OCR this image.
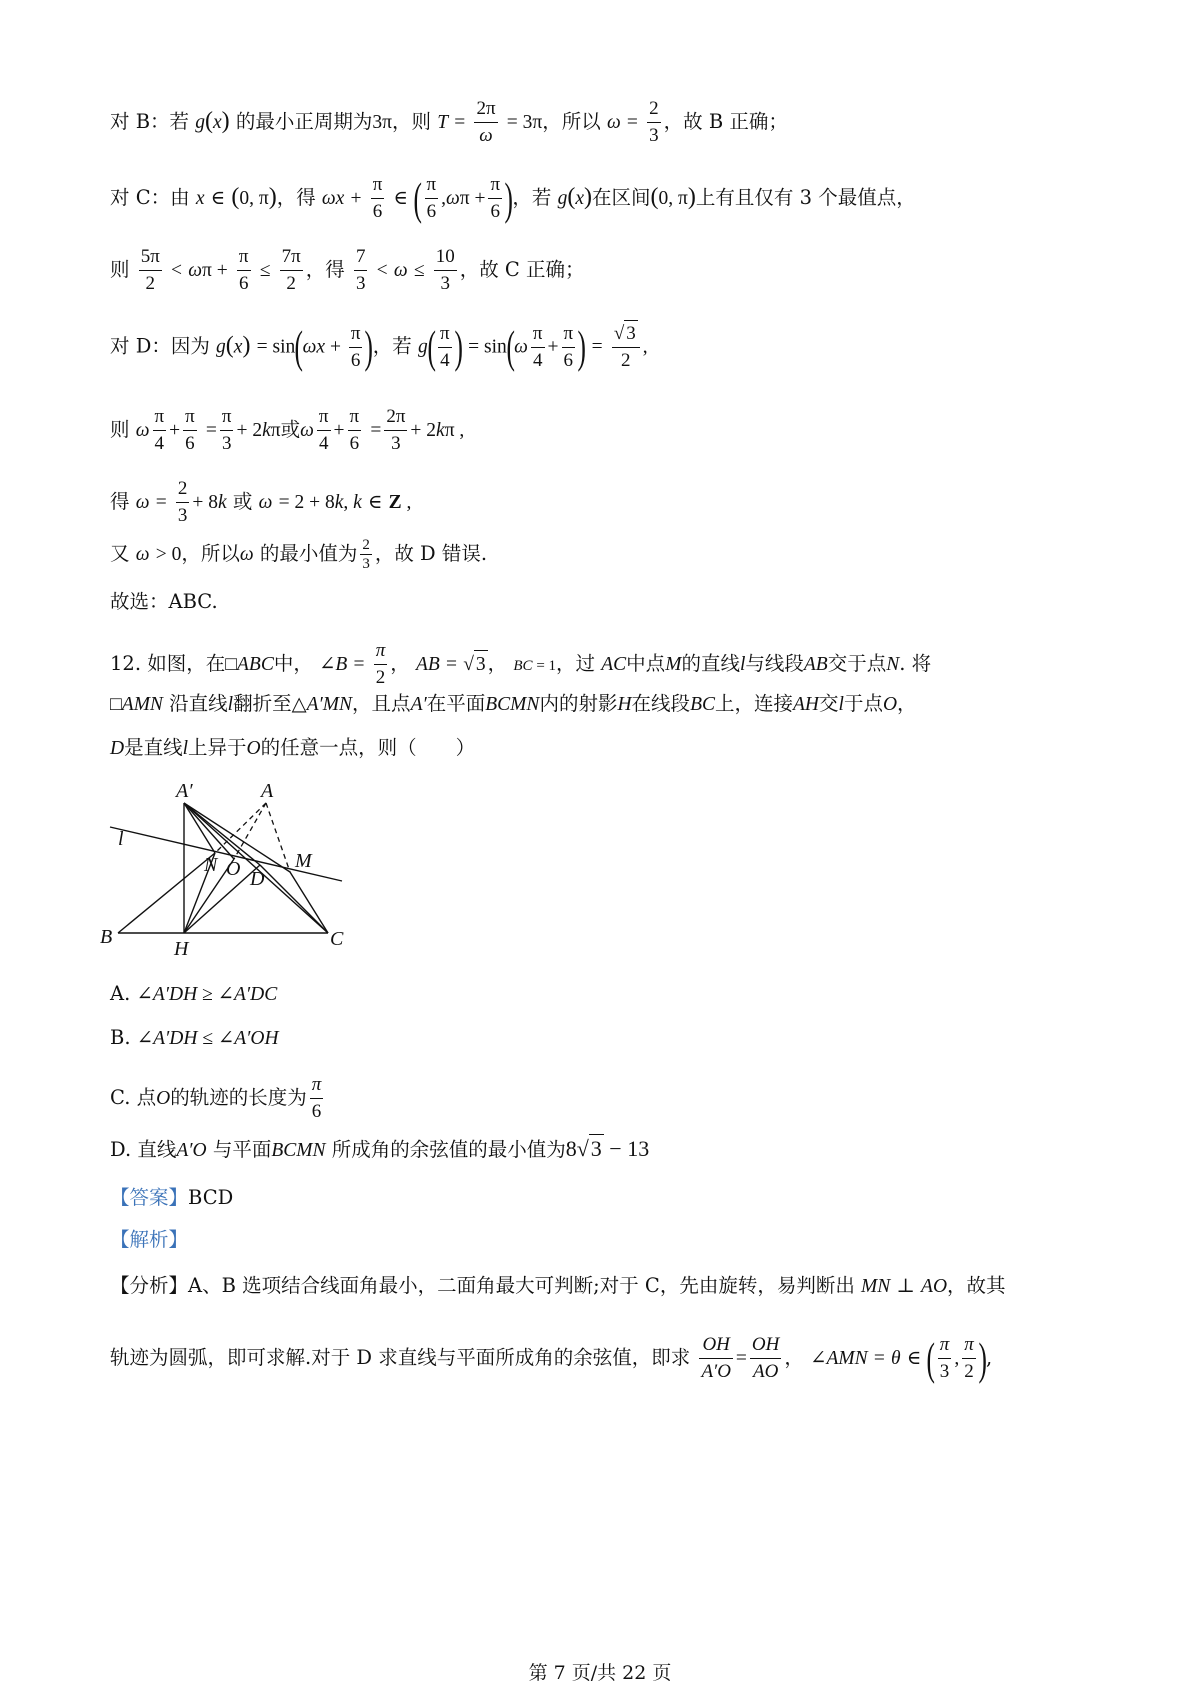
对 B：若 g(x) 的最小正周期为3π，则 $T = \frac{2\pi}{\omega} = 3\pi$，所以 $\omega = \frac{2}{3}$ ，故 B 正确；
对 C：由 x ∈ (0, π)，得 $\omega x + \frac{\pi}{6}$ ∈ ( $\frac{\pi}{6} ,\omega\pi + \frac{\pi}{6}$ )，若 g(x)在区间(0, π)上有且仅有 3 个最值点，
则 $\frac{5\pi}{2} < \omega\pi + \frac{\pi}{6} \le \frac{7\pi}{2}$ ，得 $\frac{7}{3} < \omega \le \frac{10}{3}$ ，故 C 正确；
对 D：因为 $g(x) = \sin(\omega x + \frac{\pi}{6}$ )，若 $g( \frac{\pi}{4}$ ) = $\sin(\omega \frac{\pi}{4} + \frac{\pi}{6}$ ) = $\frac{√ 3}{2}$ ,
则 ω $\frac{\pi}{4} + \frac{\pi}{6} = \frac{\pi}{3} + 2k\pi$或ω $\frac{\pi}{4} + \frac{\pi}{6} = \frac{2\pi}{3} + 2k\pi$ ,
得 $\omega = \frac{2}{3} + 8k$ 或 ω = 2 + 8k, k ∈ Z ,
又 ω > 0，所以ω 的最小值为 $\frac{2}{3}$ ，故 D 错误.
故选：ABC.
12. 如图，在□ABC中， ∠B = $\frac{\pi}{2}$ ， AB = √ 3 ， BC = 1，过 AC中点M的直线l与线段AB交于点N. 将
□AMN 沿直线l翻折至△A′MN，且点A′在平面BCMN内的射影H在线段BC上，连接AH交l于点O，
D是直线l上异于O的任意一点，则（　　）
A′	A
l
N O D
M
B
H	C
A. ∠A′DH ≥ ∠A′DC
B. ∠A′DH ≤ ∠A′OH
C. 点O的轨迹的长度为 $\frac{\pi}{6}$
D. 直线A′O 与平面BCMN 所成角的余弦值的最小值为8√3 − 13
【答案】BCD
【解析】
【分析】A、B 选项结合线面角最小，二面角最大可判断;对于 C，先由旋转，易判断出 MN ⊥ AO，故其
轨迹为圆弧，即可求解.对于 D 求直线与平面所成角的余弦值，即求 $\frac{OH}{A'O} = \frac{OH}{AO}$ ， ∠AMN = θ ∈ ( $\frac{\pi}{3}$ , $\frac{\pi}{2}$ ),
第 7 页/共 22 页
